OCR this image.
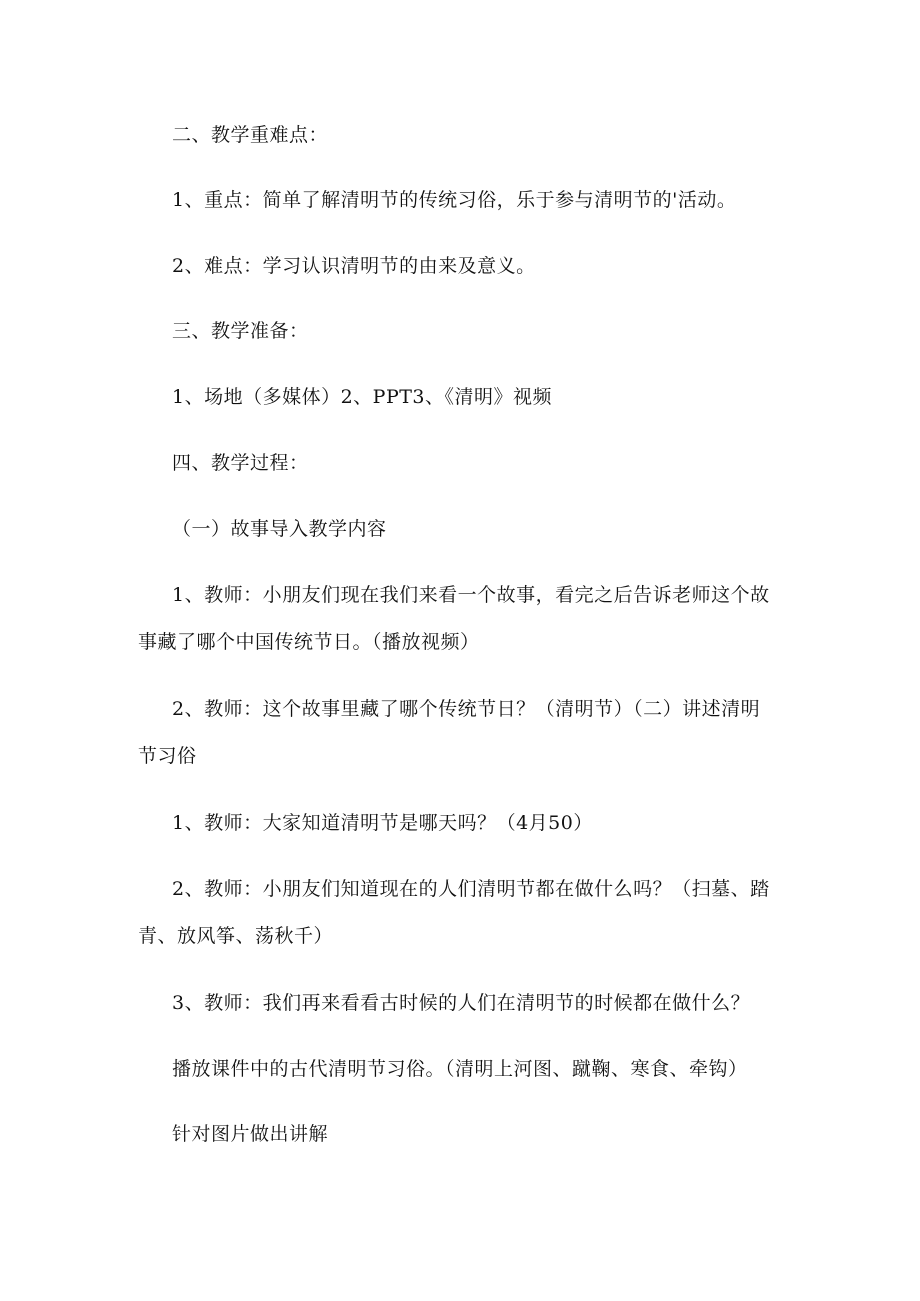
二、教学重难点：
1、重点：简单了解清明节的传统习俗，乐于参与清明节的'活动。
2、难点：学习认识清明节的由来及意义。
三、教学准备：
1、场地（多媒体）2、PPT3、《清明》视频
四、教学过程：
（一）故事导入教学内容
1、教师：小朋友们现在我们来看一个故事，看完之后告诉老师这个故
事藏了哪个中国传统节日。（播放视频）
2、教师：这个故事里藏了哪个传统节日？（清明节）（二）讲述清明
节习俗
1、教师：大家知道清明节是哪天吗？（4月50）
2、教师：小朋友们知道现在的人们清明节都在做什么吗？（扫墓、踏
青、放风筝、荡秋千）
3、教师：我们再来看看古时候的人们在清明节的时候都在做什么？
播放课件中的古代清明节习俗。（清明上河图、蹴鞠、寒食、牵钩）
针对图片做出讲解
